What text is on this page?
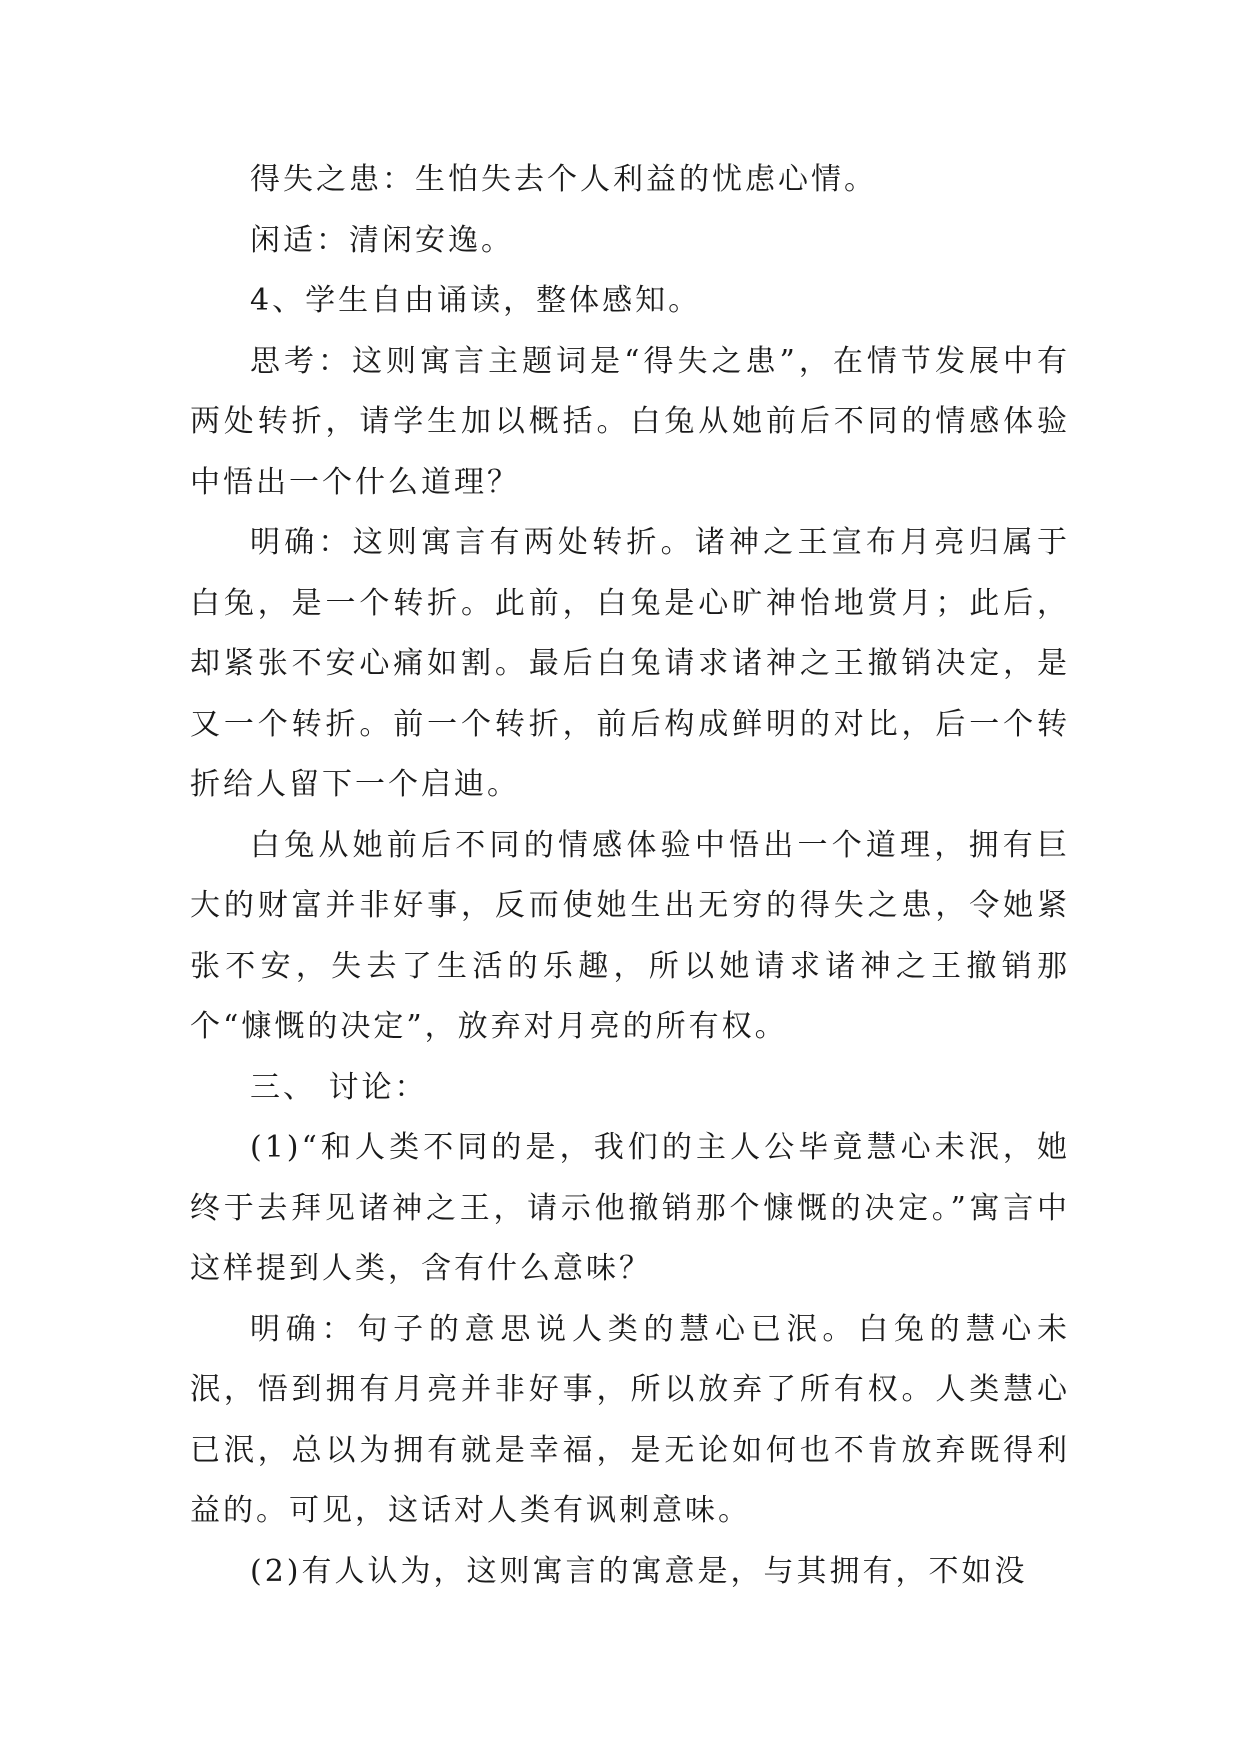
得失之患：生怕失去个人利益的忧虑心情。

闲适：清闲安逸。

4、学生自由诵读，整体感知。

思考：这则寓言主题词是“得失之患”，在情节发展中有两处转折，请学生加以概括。白兔从她前后不同的情感体验中悟出一个什么道理？

明确：这则寓言有两处转折。诸神之王宣布月亮归属于白兔，是一个转折。此前，白兔是心旷神怡地赏月；此后，却紧张不安心痛如割。最后白兔请求诸神之王撤销决定，是又一个转折。前一个转折，前后构成鲜明的对比，后一个转折给人留下一个启迪。

白兔从她前后不同的情感体验中悟出一个道理，拥有巨大的财富并非好事，反而使她生出无穷的得失之患，令她紧张不安，失去了生活的乐趣，所以她请求诸神之王撤销那个“慷慨的决定”，放弃对月亮的所有权。

三、 讨论：

(1)“和人类不同的是，我们的主人公毕竟慧心未泯，她终于去拜见诸神之王，请示他撤销那个慷慨的决定。”寓言中这样提到人类，含有什么意味？

明确：句子的意思说人类的慧心已泯。白兔的慧心未泯，悟到拥有月亮并非好事，所以放弃了所有权。人类慧心已泯，总以为拥有就是幸福，是无论如何也不肯放弃既得利益的。可见，这话对人类有讽刺意味。

(2)有人认为，这则寓言的寓意是，与其拥有，不如没
